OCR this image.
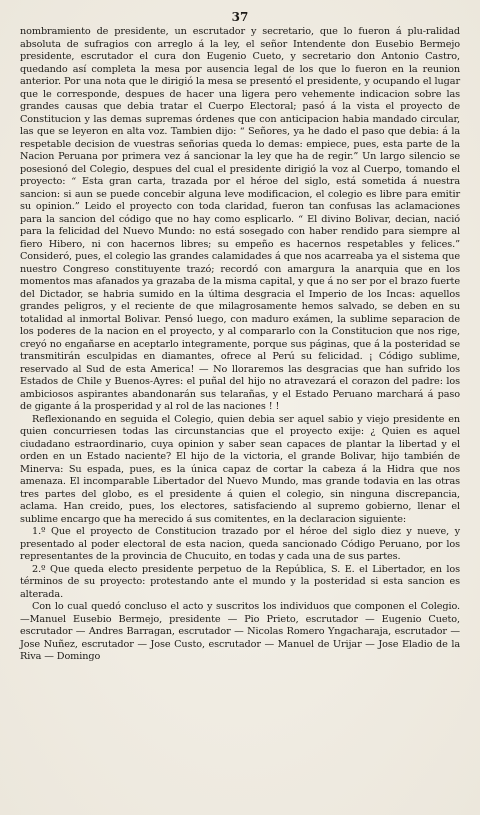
37

nombramiento de presidente, un escrutador y secretario, que lo fueron á plu-ralidad absoluta de sufragios con arreglo á la ley, el señor Intendente don Eusebio Bermejo presidente, escrutador el cura don Eugenio Cueto, y secretario don Antonio Castro, quedando así completa la mesa por ausencia legal de los que lo fueron en la reunion anterior. Por una nota que le dirigió la mesa se presentó el presidente, y ocupando el lugar que le corresponde, despues de hacer una ligera pero vehemente indicacion sobre las grandes causas que debia tratar el Cuerpo Electoral; pasó á la vista el proyecto de Constitucion y las demas supremas órdenes que con anticipacion habia mandado circular, las que se leyeron en alta voz. Tambien dijo: “ Señores, ya he dado el paso que debia: á la respetable decision de vuestras señorias queda lo demas: empiece, pues, esta parte de la Nacion Peruana por primera vez á sancionar la ley que ha de regir.” Un largo silencio se posesionó del Colegio, despues del cual el presidente dirigió la voz al Cuerpo, tomando el proyecto: “ Esta gran carta, trazada por el héroe del siglo, está sometida á nuestra sancion: si aun se puede concebir alguna leve modificacion, el colegio es libre para emitir su opinion.” Leido el proyecto con toda claridad, fueron tan confusas las aclamaciones para la sancion del código que no hay como esplicarlo. “ El divino Bolivar, decian, nació para la felicidad del Nuevo Mundo: no está sosegado con haber rendido para siempre al fiero Hibero, ni con hacernos libres; su empeño es hacernos respetables y felices.” Consideró, pues, el colegio las grandes calamidades á que nos acarreaba ya el sistema que nuestro Congreso constituyente trazó; recordó con amargura la anarquia que en los momentos mas afanados ya grazaba de la misma capital, y que á no ser por el brazo fuerte del Dictador, se habria sumido en la última desgracia el Imperio de los Incas: aquellos grandes peligros, y el reciente de que milagrosamente hemos salvado, se deben en su totalidad al inmortal Bolivar. Pensó luego, con maduro exámen, la sublime separacion de los poderes de la nacion en el proyecto, y al compararlo con la Constitucion que nos rige, creyó no engañarse en aceptarlo integramente, porque sus páginas, que á la posteridad se transmitirán esculpidas en diamantes, ofrece al Perú su felicidad. ¡ Código sublime, reservado al Sud de esta America! — No lloraremos las desgracias que han sufrido los Estados de Chile y Buenos-Ayres: el puñal del hijo no atravezará el corazon del padre: los ambiciosos aspirantes abandonarán sus telarañas, y el Estado Peruano marchará á paso de gigante á la prosperidad y al rol de las naciones ! !

Reflexionando en seguida el Colegio, quien debia ser aquel sabio y viejo presidente en quien concurriesen todas las circunstancias que el proyecto exije: ¿ Quien es aquel ciudadano estraordinario, cuya opinion y saber sean capaces de plantar la libertad y el orden en un Estado naciente? El hijo de la victoria, el grande Bolivar, hijo también de Minerva: Su espada, pues, es la única capaz de cortar la cabeza á la Hidra que nos amenaza. El incomparable Libertador del Nuevo Mundo, mas grande todavia en las otras tres partes del globo, es el presidente á quien el colegio, sin ninguna discrepancia, aclama. Han creido, pues, los electores, satisfaciendo al supremo gobierno, llenar el sublime encargo que ha merecido á sus comitentes, en la declaracion siguiente:

1.º Que el proyecto de Constitucion trazado por el héroe del siglo diez y nueve, y presentado al poder electoral de esta nacion, queda sancionado Código Peruano, por los representantes de la provincia de Chucuito, en todas y cada una de sus partes.

2.º Que queda electo presidente perpetuo de la República, S. E. el Libertador, en los términos de su proyecto: protestando ante el mundo y la posteridad si esta sancion es alterada.

Con lo cual quedó concluso el acto y suscritos los individuos que componen el Colegio. —Manuel Eusebio Bermejo, presidente — Pio Prieto, escrutador — Eugenio Cueto, escrutador — Andres Barragan, escrutador — Nicolas Romero Yngacharaja, escrutador — Jose Nuñez, escrutador — Jose Custo, escrutador — Manuel de Urijar — Jose Eladio de la Riva — Domingo
